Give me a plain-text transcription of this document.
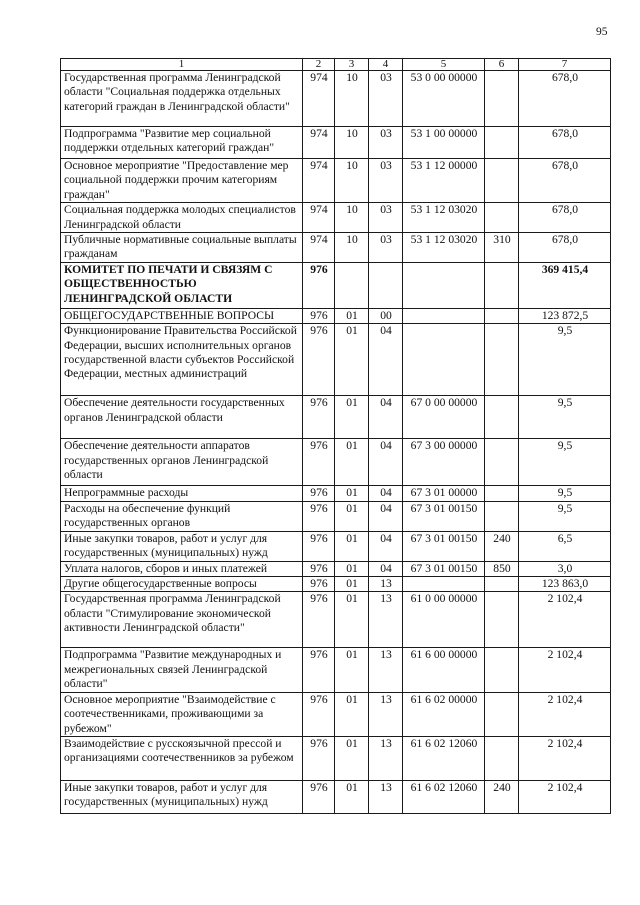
95
1	2	3	4	5	6	7
Государственная программа Ленинградской области "Социальная поддержка отдельных категорий граждан в Ленинградской области"	974	10	03	53 0 00 00000		678,0
Подпрограмма "Развитие мер социальной поддержки отдельных категорий граждан"	974	10	03	53 1 00 00000		678,0
Основное мероприятие "Предоставление мер социальной поддержки прочим категориям граждан"	974	10	03	53 1 12 00000		678,0
Социальная поддержка молодых специалистов Ленинградской области	974	10	03	53 1 12 03020		678,0
Публичные нормативные социальные выплаты гражданам	974	10	03	53 1 12 03020	310	678,0
КОМИТЕТ ПО ПЕЧАТИ И СВЯЗЯМ С ОБЩЕСТВЕННОСТЬЮ ЛЕНИНГРАДСКОЙ ОБЛАСТИ	976					369 415,4
ОБЩЕГОСУДАРСТВЕННЫЕ ВОПРОСЫ	976	01	00			123 872,5
Функционирование Правительства Российской Федерации, высших исполнительных органов государственной власти субъектов Российской Федерации, местных администраций	976	01	04			9,5
Обеспечение деятельности государственных органов Ленинградской области	976	01	04	67 0 00 00000		9,5
Обеспечение деятельности аппаратов государственных органов Ленинградской области	976	01	04	67 3 00 00000		9,5
Непрограммные расходы	976	01	04	67 3 01 00000		9,5
Расходы на обеспечение функций государственных органов	976	01	04	67 3 01 00150		9,5
Иные закупки товаров, работ и услуг для государственных (муниципальных) нужд	976	01	04	67 3 01 00150	240	6,5
Уплата налогов, сборов и иных платежей	976	01	04	67 3 01 00150	850	3,0
Другие общегосударственные вопросы	976	01	13			123 863,0
Государственная программа Ленинградской области "Стимулирование экономической активности Ленинградской области"	976	01	13	61 0 00 00000		2 102,4
Подпрограмма "Развитие международных и межрегиональных связей Ленинградской области"	976	01	13	61 6 00 00000		2 102,4
Основное мероприятие "Взаимодействие с соотечественниками, проживающими за рубежом"	976	01	13	61 6 02 00000		2 102,4
Взаимодействие с русскоязычной прессой и организациями соотечественников за рубежом	976	01	13	61 6 02 12060		2 102,4
Иные закупки товаров, работ и услуг для государственных (муниципальных) нужд	976	01	13	61 6 02 12060	240	2 102,4
